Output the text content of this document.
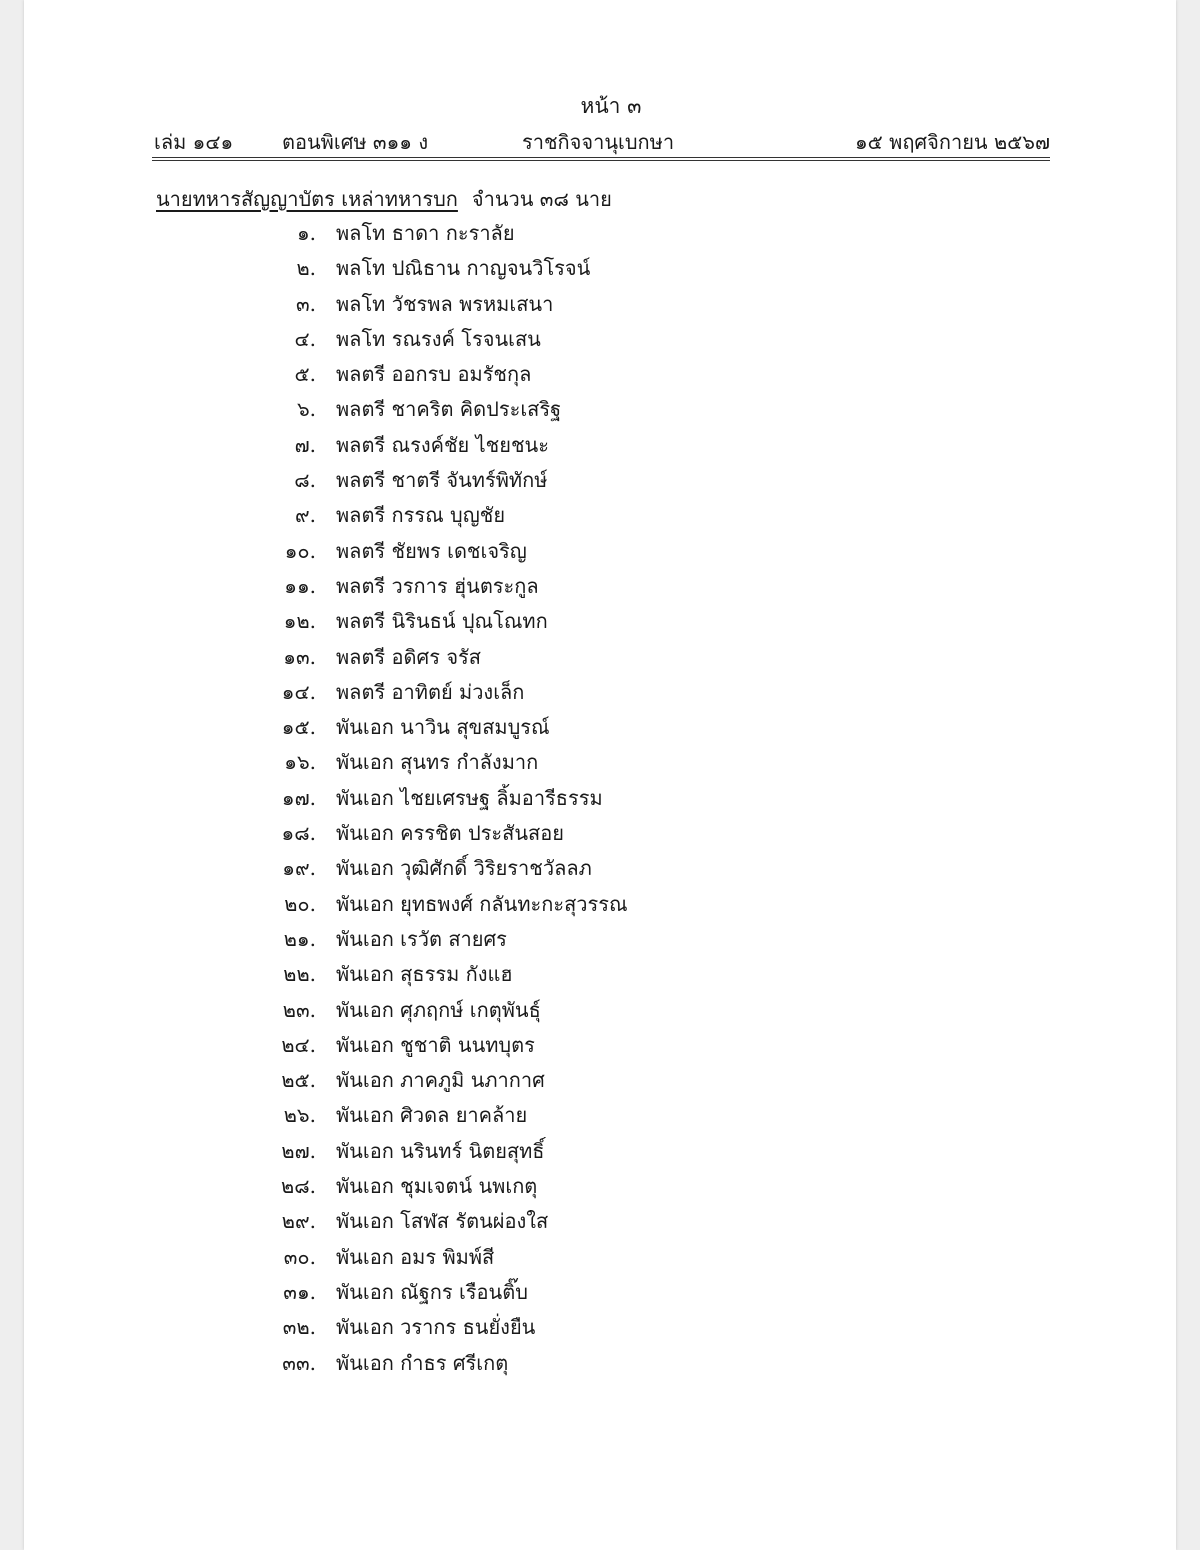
หน้า ๓
เล่ม ๑๔๑ ตอนพิเศษ ๓๑๑ ง	ราชกิจจานุเบกษา	๑๕ พฤศจิกายน ๒๕๖๗
นายทหารสัญญาบัตร เหล่าทหารบก จำนวน ๓๘ นาย
๑. พลโท ธาดา กะราลัย
๒. พลโท ปณิธาน กาญจนวิโรจน์
๓. พลโท วัชรพล พรหมเสนา
๔. พลโท รณรงค์ โรจนเสน
๕. พลตรี ออกรบ อมรัชกุล
๖. พลตรี ชาคริต คิดประเสริฐ
๗. พลตรี ณรงค์ชัย ไชยชนะ
๘. พลตรี ชาตรี จันทร์พิทักษ์
๙. พลตรี กรรณ บุญชัย
๑๐. พลตรี ชัยพร เดชเจริญ
๑๑. พลตรี วรการ ฮุ่นตระกูล
๑๒. พลตรี นิรินธน์ ปุณโณทก
๑๓. พลตรี อดิศร จรัส
๑๔. พลตรี อาทิตย์ ม่วงเล็ก
๑๕. พันเอก นาวิน สุขสมบูรณ์
๑๖. พันเอก สุนทร กำลังมาก
๑๗. พันเอก ไชยเศรษฐ ลิ้มอารีธรรม
๑๘. พันเอก ครรชิต ประสันสอย
๑๙. พันเอก วุฒิศักดิ์ วิริยราชวัลลภ
๒๐. พันเอก ยุทธพงศ์ กลันทะกะสุวรรณ
๒๑. พันเอก เรวัต สายศร
๒๒. พันเอก สุธรรม กังแฮ
๒๓. พันเอก ศุภฤกษ์ เกตุพันธุ์
๒๔. พันเอก ชูชาติ นนทบุตร
๒๕. พันเอก ภาคภูมิ นภากาศ
๒๖. พันเอก ศิวดล ยาคล้าย
๒๗. พันเอก นรินทร์ นิตยสุทธิ์
๒๘. พันเอก ชุมเจตน์ นพเกตุ
๒๙. พันเอก โสฬส รัตนผ่องใส
๓๐. พันเอก อมร พิมพ์สี
๓๑. พันเอก ณัฐกร เรือนติ๊บ
๓๒. พันเอก วรากร ธนยั่งยืน
๓๓. พันเอก กำธร ศรีเกตุ
